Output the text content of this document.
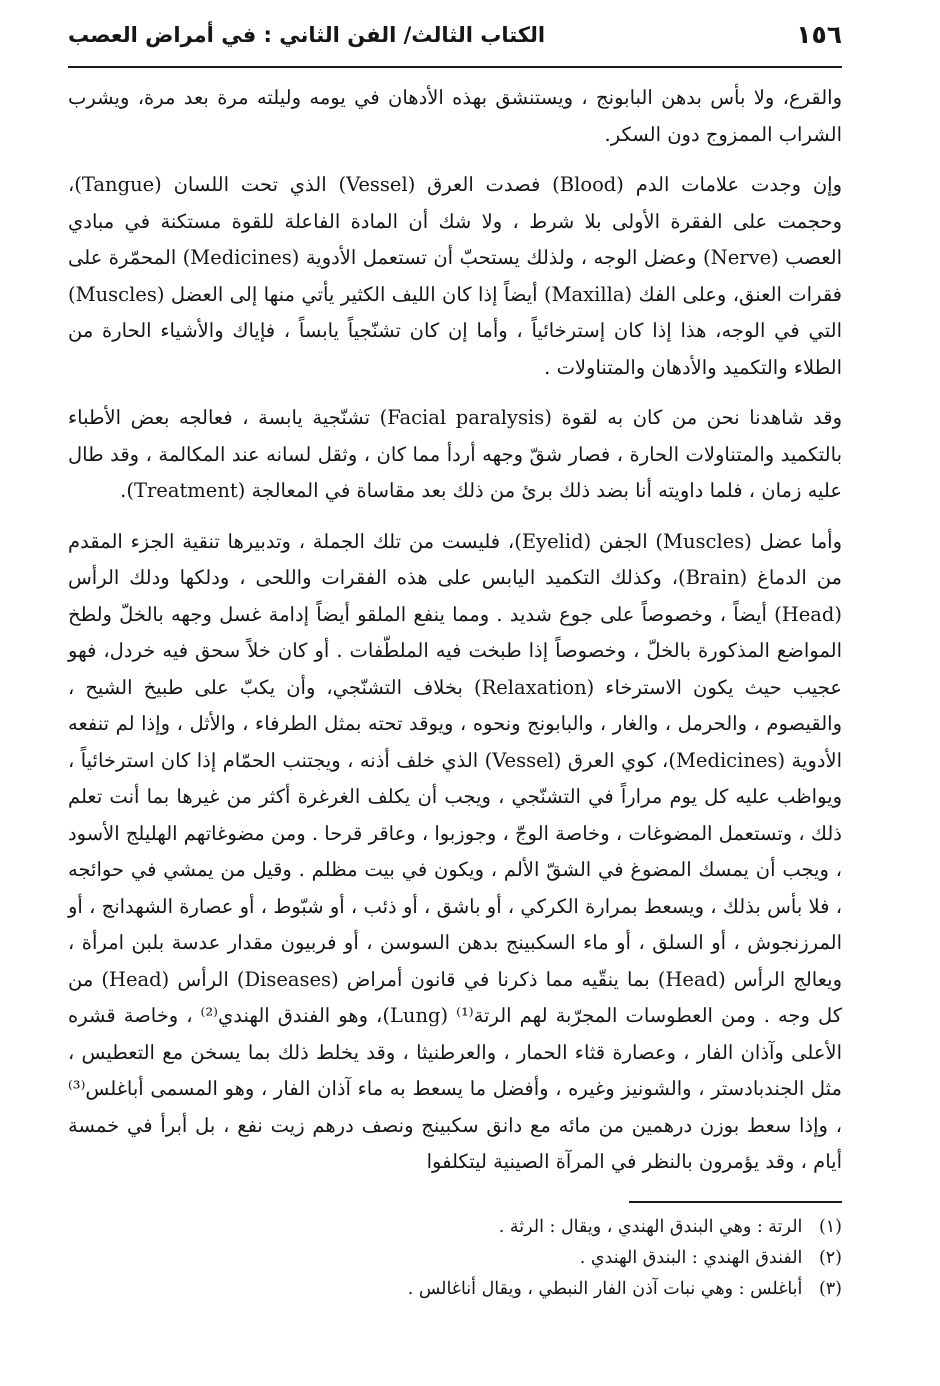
١٥٦
الكتاب الثالث/ الفن الثاني : في أمراض العصب

والقرع، ولا بأس بدهن البابونج ، ويستنشق بهذه الأدهان في يومه وليلته مرة بعد مرة، ويشرب الشراب الممزوج دون السكر.

وإن وجدت علامات الدم (Blood) فصدت العرق (Vessel) الذي تحت اللسان (Tangue)، وحجمت على الفقرة الأولى بلا شرط ، ولا شك أن المادة الفاعلة للقوة مستكنة في مبادي العصب (Nerve) وعضل الوجه ، ولذلك يستحبّ أن تستعمل الأدوية (Medicines) المحمّرة على فقرات العنق، وعلى الفك (Maxilla) أيضاً إذا كان الليف الكثير يأتي منها إلى العضل (Muscles) التي في الوجه، هذا إذا كان إسترخائياً ، وأما إن كان تشنّجياً يابساً ، فإياك والأشياء الحارة من الطلاء والتكميد والأدهان والمتناولات .

وقد شاهدنا نحن من كان به لقوة (Facial paralysis) تشنّجية يابسة ، فعالجه بعض الأطباء بالتكميد والمتناولات الحارة ، فصار شقّ وجهه أردأ مما كان ، وثقل لسانه عند المكالمة ، وقد طال عليه زمان ، فلما داويته أنا بضد ذلك برئ من ذلك بعد مقاساة في المعالجة (Treatment).

وأما عضل (Muscles) الجفن (Eyelid)، فليست من تلك الجملة ، وتدبيرها تنقية الجزء المقدم من الدماغ (Brain)، وكذلك التكميد اليابس على هذه الفقرات واللحى ، ودلكها ودلك الرأس (Head) أيضاً ، وخصوصاً على جوع شديد . ومما ينفع الملقو أيضاً إدامة غسل وجهه بالخلّ ولطخ المواضع المذكورة بالخلّ ، وخصوصاً إذا طبخت فيه الملطّفات . أو كان خلاً سحق فيه خردل، فهو عجيب حيث يكون الاسترخاء (Relaxation) بخلاف التشنّجي، وأن يكبّ على طبيخ الشيح ، والقيصوم ، والحرمل ، والغار ، والبابونج ونحوه ، ويوقد تحته بمثل الطرفاء ، والأثل ، وإذا لم تنفعه الأدوية (Medicines)، كوي العرق (Vessel) الذي خلف أذنه ، ويجتنب الحمّام إذا كان استرخائياً ، ويواظب عليه كل يوم مراراً في التشنّجي ، ويجب أن يكلف الغرغرة أكثر من غيرها بما أنت تعلم ذلك ، وتستعمل المضوغات ، وخاصة الوجّ ، وجوزبوا ، وعاقر قرحا . ومن مضوغاتهم الهليلج الأسود ، ويجب أن يمسك المضوغ في الشقّ الألم ، ويكون في بيت مظلم . وقيل من يمشي في حوائجه ، فلا بأس بذلك ، ويسعط بمرارة الكركي ، أو باشق ، أو ذئب ، أو شبّوط ، أو عصارة الشهدانج ، أو المرزنجوش ، أو السلق ، أو ماء السكبينج بدهن السوسن ، أو فربيون مقدار عدسة بلبن امرأة ، ويعالج الرأس (Head) بما ينقّيه مما ذكرنا في قانون أمراض (Diseases) الرأس (Head) من كل وجه . ومن العطوسات المجرّبة لهم الرتة⁽¹⁾ (Lung)، وهو الفندق الهندي⁽²⁾ ، وخاصة قشره الأعلى وآذان الفار ، وعصارة قثاء الحمار ، والعرطنيثا ، وقد يخلط ذلك بما يسخن مع التعطيس ، مثل الجندبادستر ، والشونيز وغيره ، وأفضل ما يسعط به ماء آذان الفار ، وهو المسمى أباغلس⁽³⁾ ، وإذا سعط بوزن درهمين من مائه مع دانق سكبينج ونصف درهم زيت نفع ، بل أبرأ في خمسة أيام ، وقد يؤمرون بالنظر في المرآة الصينية ليتكلفوا

(١) الرتة : وهي البندق الهندي ، ويقال : الرثة .
(٢) الفندق الهندي : البندق الهندي .
(٣) أباغلس : وهي نبات آذن الفار النبطي ، ويقال أناغالس .
